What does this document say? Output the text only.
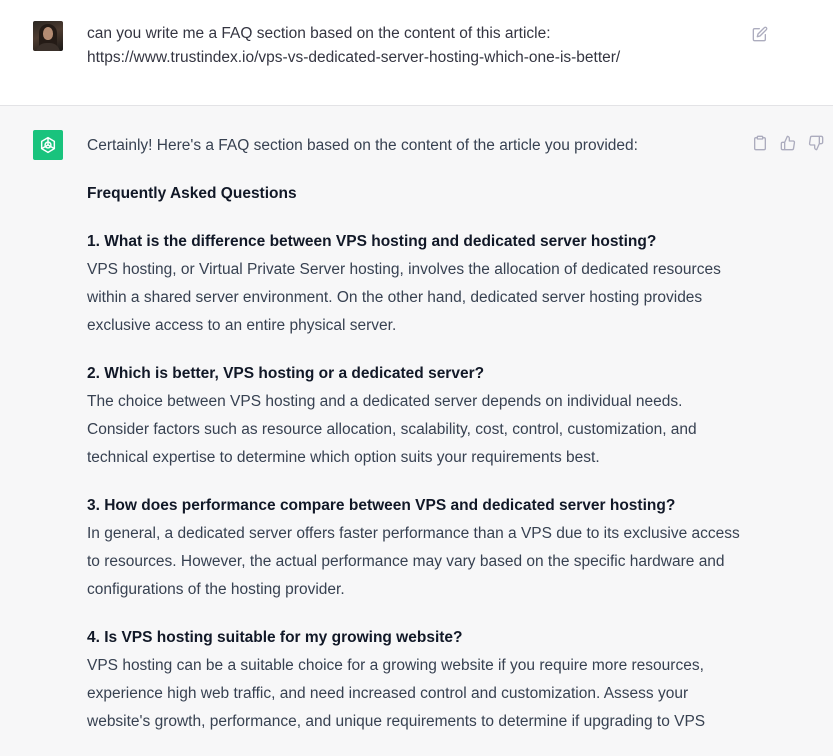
can you write me a FAQ section based on the content of this article:
https://www.trustindex.io/vps-vs-dedicated-server-hosting-which-one-is-better/

Certainly! Here's a FAQ section based on the content of the article you provided:

Frequently Asked Questions

1. What is the difference between VPS hosting and dedicated server hosting?
VPS hosting, or Virtual Private Server hosting, involves the allocation of dedicated resources within a shared server environment. On the other hand, dedicated server hosting provides exclusive access to an entire physical server.

2. Which is better, VPS hosting or a dedicated server?
The choice between VPS hosting and a dedicated server depends on individual needs. Consider factors such as resource allocation, scalability, cost, control, customization, and technical expertise to determine which option suits your requirements best.

3. How does performance compare between VPS and dedicated server hosting?
In general, a dedicated server offers faster performance than a VPS due to its exclusive access to resources. However, the actual performance may vary based on the specific hardware and configurations of the hosting provider.

4. Is VPS hosting suitable for my growing website?
VPS hosting can be a suitable choice for a growing website if you require more resources, experience high web traffic, and need increased control and customization. Assess your website's growth, performance, and unique requirements to determine if upgrading to VPS
